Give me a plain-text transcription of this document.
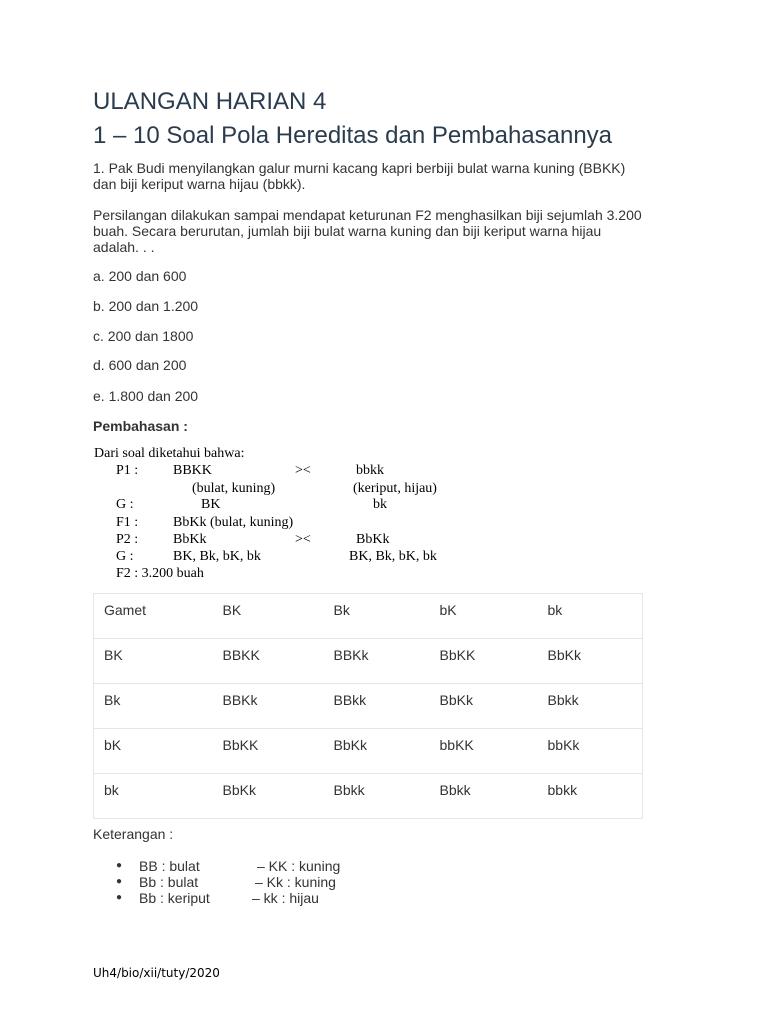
ULANGAN HARIAN 4
1 – 10 Soal Pola Hereditas dan Pembahasannya
1. Pak Budi menyilangkan galur murni kacang kapri berbiji bulat warna kuning (BBKK)
dan biji keriput warna hijau (bbkk).
Persilangan dilakukan sampai mendapat keturunan F2 menghasilkan biji sejumlah 3.200
buah. Secara berurutan, jumlah biji bulat warna kuning dan biji keriput warna hijau
adalah. . .
a. 200 dan 600
b. 200 dan 1.200
c. 200 dan 1800
d. 600 dan 200
e. 1.800 dan 200
Pembahasan :
Dari soal diketahui bahwa:
P1 : BBKK	><	bbkk
(bulat, kuning)	(keriput, hijau)
G :	BK	bk
F1 : BbKk (bulat, kuning)
P2 : BbKk	><	BbKk
G :	BK, Bk, bK, bk	BK, Bk, bK, bk
F2 : 3.200 buah
Gamet	BK	Bk	bK	bk
BK	BBKK	BBKk	BbKK	BbKk
Bk	BBKk	BBkk	BbKk	Bbkk
bK	BbKK	BbKk	bbKK	bbKk
bk	BbKk	Bbkk	Bbkk	bbkk
Keterangan :
● BB : bulat	– KK : kuning
● Bb : bulat	– Kk : kuning
● Bb : keriput	– kk : hijau
Uh4/bio/xii/tuty/2020
